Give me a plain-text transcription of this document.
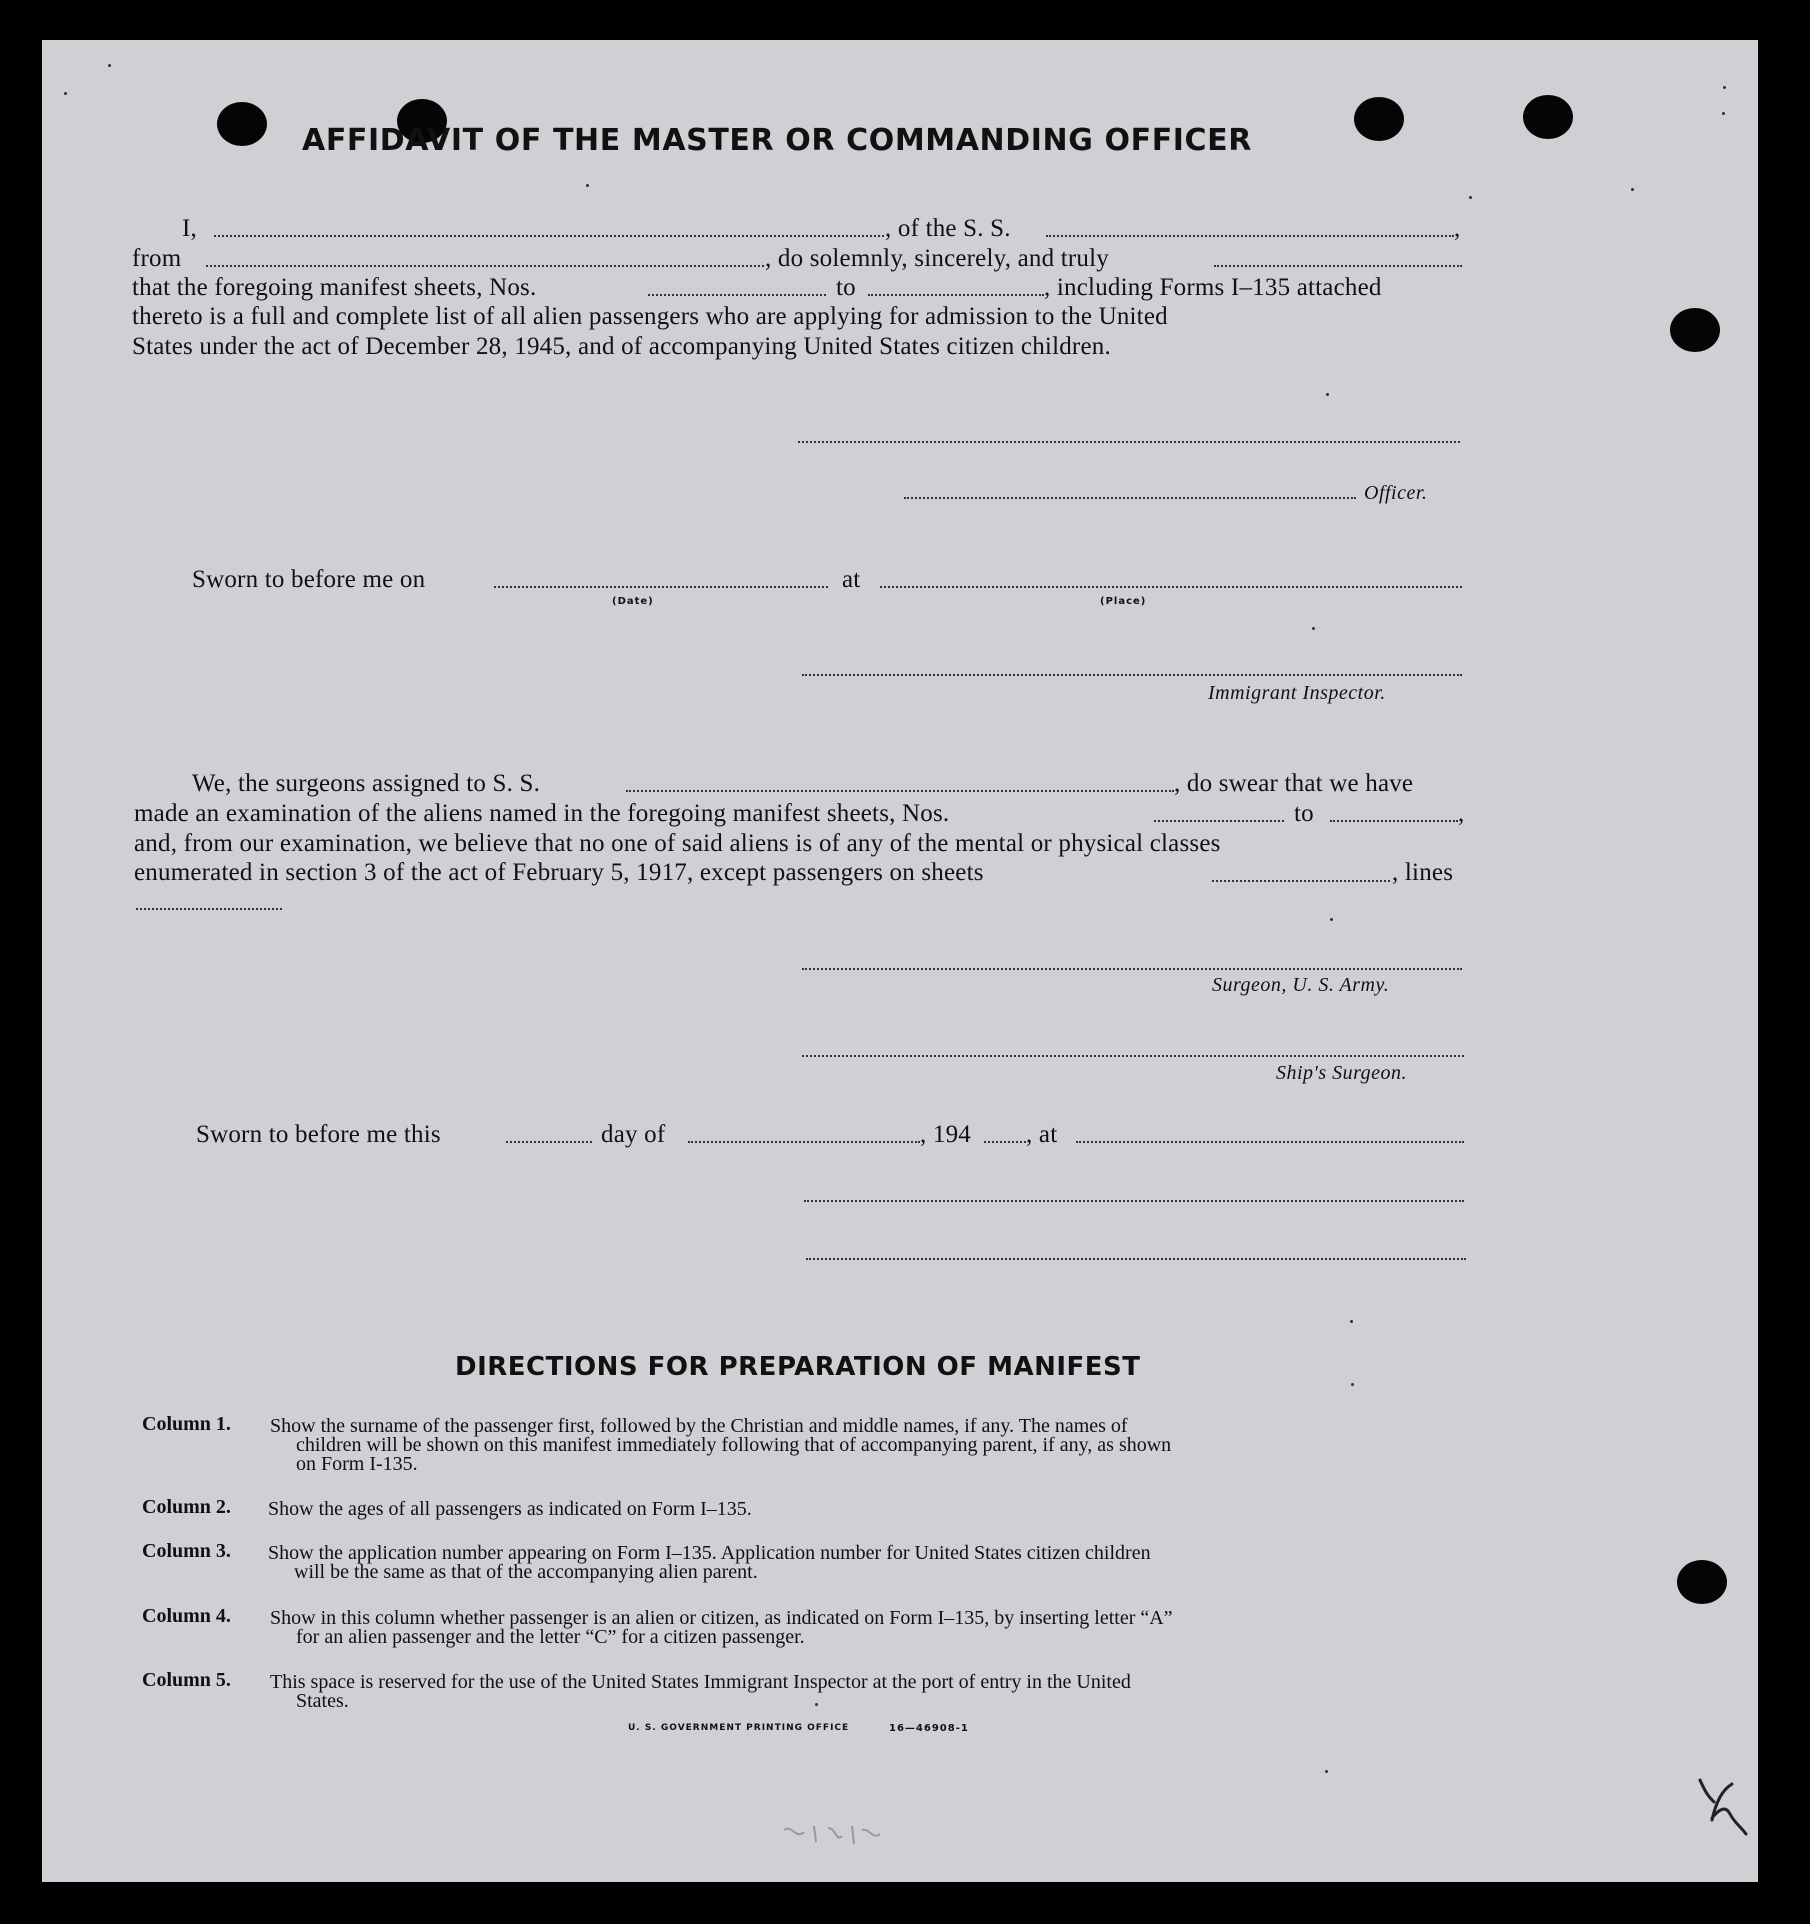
AFFIDAVIT OF THE MASTER OR COMMANDING OFFICER
I,	, of the S. S.	,
from	, do solemnly, sincerely, and truly
that the foregoing manifest sheets, Nos.	to	, including Forms I–135 attached
thereto is a full and complete list of all alien passengers who are applying for admission to the United
States under the act of December 28, 1945, and of accompanying United States citizen children.
Officer.
Sworn to before me on	at
(Date)	(Place)
Immigrant Inspector.
We, the surgeons assigned to S. S.	, do swear that we have
made an examination of the aliens named in the foregoing manifest sheets, Nos.	to	,
and, from our examination, we believe that no one of said aliens is of any of the mental or physical classes
enumerated in section 3 of the act of February 5, 1917, except passengers on sheets	, lines
Surgeon, U. S. Army.
Ship's Surgeon.
Sworn to before me this	day of	, 194 , at
DIRECTIONS FOR PREPARATION OF MANIFEST
Column 1. Show the surname of the passenger first, followed by the Christian and middle names, if any. The names of
children will be shown on this manifest immediately following that of accompanying parent, if any, as shown
on Form I-135.
Column 2. Show the ages of all passengers as indicated on Form I–135.
Column 3. Show the application number appearing on Form I–135. Application number for United States citizen children
will be the same as that of the accompanying alien parent.
Column 4. Show in this column whether passenger is an alien or citizen, as indicated on Form I–135, by inserting letter “A”
for an alien passenger and the letter “C” for a citizen passenger.
Column 5. This space is reserved for the use of the United States Immigrant Inspector at the port of entry in the United
States.
U. S. GOVERNMENT PRINTING OFFICE	16—46908-1
